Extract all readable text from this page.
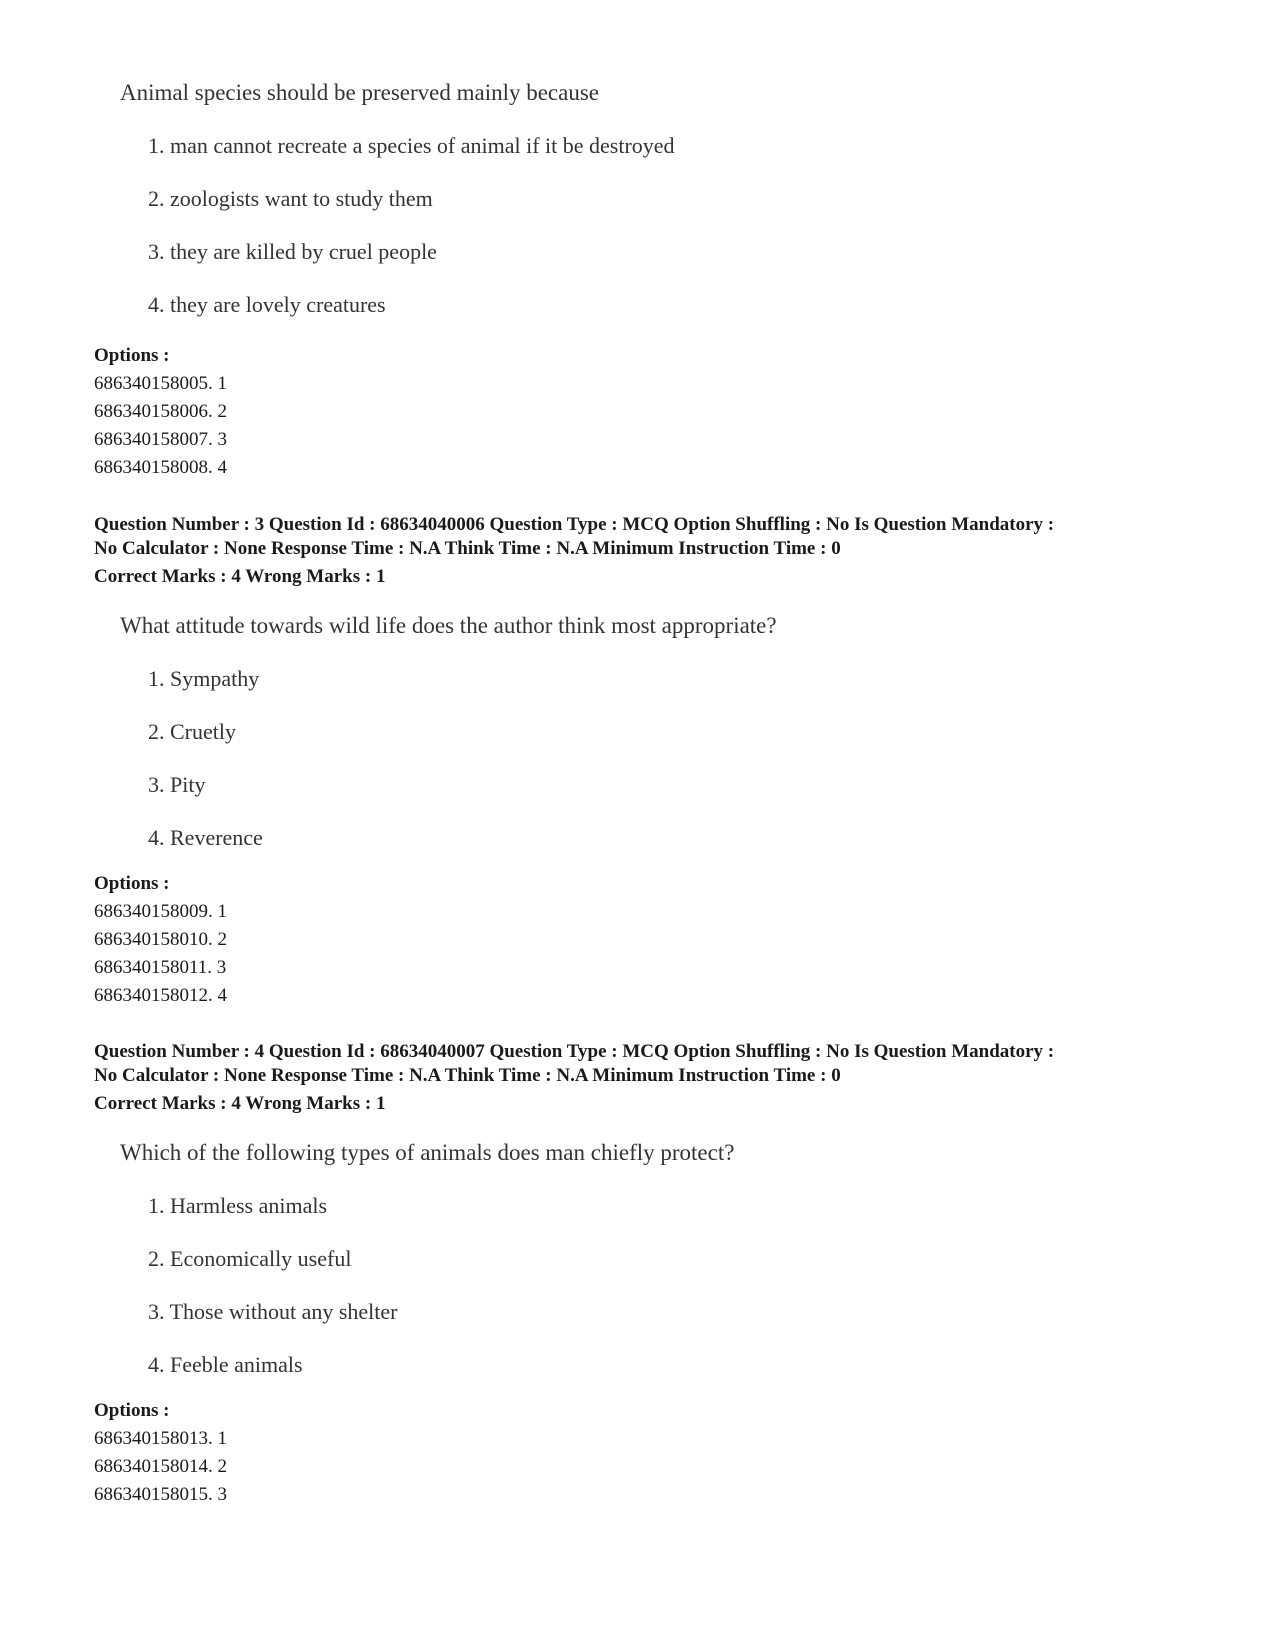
Animal species should be preserved mainly because
1. man cannot recreate a species of animal if it be destroyed
2. zoologists want to study them
3. they are killed by cruel people
4. they are lovely creatures
Options :
686340158005. 1
686340158006. 2
686340158007. 3
686340158008. 4
Question Number : 3 Question Id : 68634040006 Question Type : MCQ Option Shuffling : No Is Question Mandatory :
No Calculator : None Response Time : N.A Think Time : N.A Minimum Instruction Time : 0
Correct Marks : 4 Wrong Marks : 1
What attitude towards wild life does the author think most appropriate?
1. Sympathy
2. Cruetly
3. Pity
4. Reverence
Options :
686340158009. 1
686340158010. 2
686340158011. 3
686340158012. 4
Question Number : 4 Question Id : 68634040007 Question Type : MCQ Option Shuffling : No Is Question Mandatory :
No Calculator : None Response Time : N.A Think Time : N.A Minimum Instruction Time : 0
Correct Marks : 4 Wrong Marks : 1
Which of the following types of animals does man chiefly protect?
1. Harmless animals
2. Economically useful
3. Those without any shelter
4. Feeble animals
Options :
686340158013. 1
686340158014. 2
686340158015. 3
